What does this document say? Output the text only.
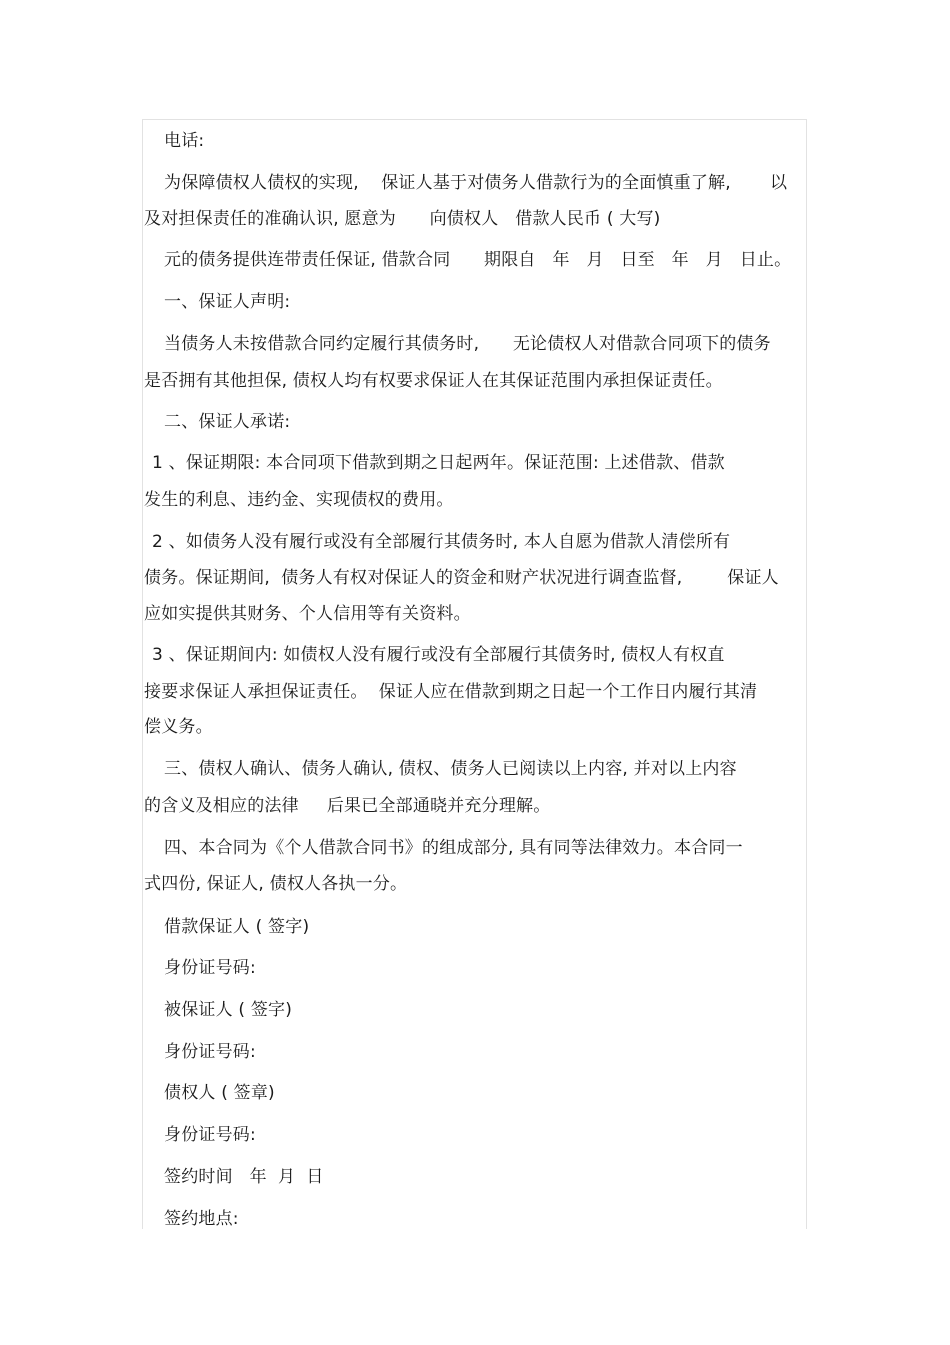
电话:
为保障债权人债权的实现,    保证人基于对债务人借款行为的全面慎重了解,       以
及对担保责任的准确认识, 愿意为      向债权人   借款人民币 ( 大写)
元的债务提供连带责任保证, 借款合同      期限自   年   月   日至   年   月   日止。
一、保证人声明:
当债务人未按借款合同约定履行其债务时,      无论债权人对借款合同项下的债务
是否拥有其他担保, 债权人均有权要求保证人在其保证范围内承担保证责任。
二、保证人承诺:
1 、保证期限: 本合同项下借款到期之日起两年。保证范围: 上述借款、借款
发生的利息、违约金、实现债权的费用。
2 、如债务人没有履行或没有全部履行其债务时, 本人自愿为借款人清偿所有
债务。保证期间,  债务人有权对保证人的资金和财产状况进行调查监督,        保证人
应如实提供其财务、个人信用等有关资料。
3 、保证期间内: 如债权人没有履行或没有全部履行其债务时, 债权人有权直
接要求保证人承担保证责任。  保证人应在借款到期之日起一个工作日内履行其清
偿义务。
三、债权人确认、债务人确认, 债权、债务人已阅读以上内容, 并对以上内容
的含义及相应的法律     后果已全部通晓并充分理解。
四、本合同为《个人借款合同书》的组成部分, 具有同等法律效力。本合同一
式四份, 保证人, 债权人各执一分。
借款保证人 ( 签字)
身份证号码:
被保证人 ( 签字)
身份证号码:
债权人 ( 签章)
身份证号码:
签约时间   年  月  日
签约地点:
